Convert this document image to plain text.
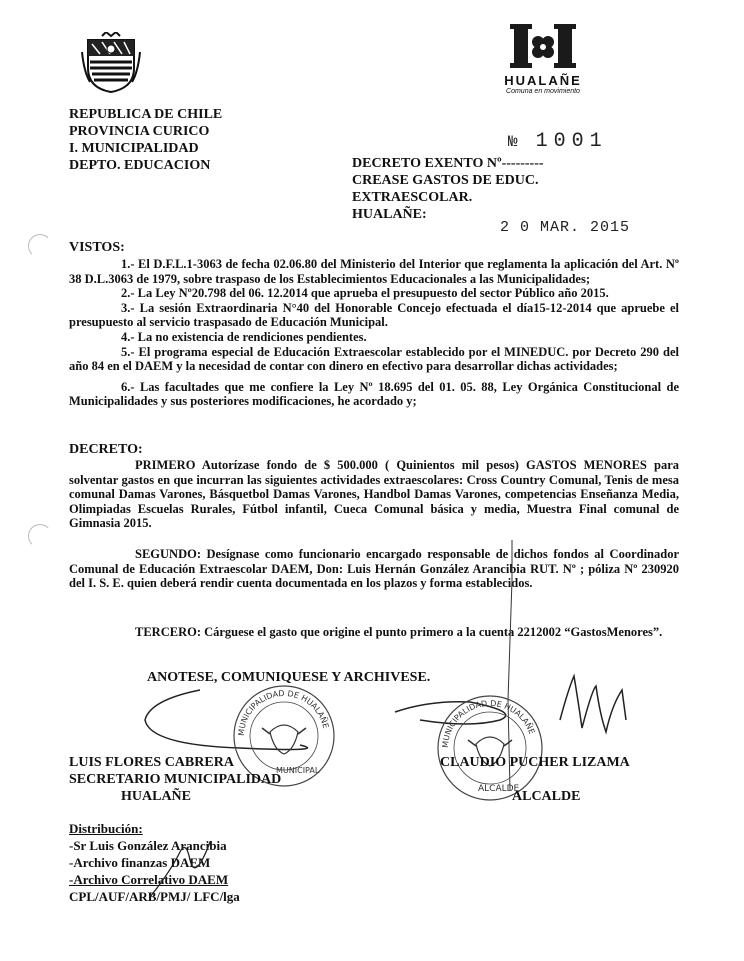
HUALAÑE
Comuna en movimiento
REPUBLICA DE CHILE
PROVINCIA CURICO
I. MUNICIPALIDAD
DEPTO. EDUCACION
№ 1001
DECRETO EXENTO Nº---------
CREASE GASTOS DE EDUC.
EXTRAESCOLAR.
HUALAÑE:
2 0 MAR. 2015
VISTOS:
1.- El D.F.L.1-3063 de fecha 02.06.80 del Ministerio del Interior que reglamenta la aplicación del Art. Nº 38 D.L.3063 de 1979, sobre traspaso de los Establecimientos Educacionales a las Municipalidades;
2.- La Ley Nº20.798 del 06. 12.2014 que aprueba el presupuesto del sector Público año 2015.
3.- La sesión Extraordinaria N°40 del Honorable Concejo efectuada el día15-12-2014 que apruebe el presupuesto al servicio traspasado de Educación Municipal.
4.- La no existencia de rendiciones pendientes.
5.- El programa especial de Educación Extraescolar establecido por el MINEDUC. por Decreto 290 del año 84 en el DAEM y la necesidad de contar con dinero en efectivo para desarrollar dichas actividades;
6.- Las facultades que me confiere la Ley Nº 18.695 del 01. 05. 88, Ley Orgánica Constitucional de Municipalidades y sus posteriores modificaciones, he acordado y;
DECRETO:
PRIMERO Autorízase fondo de $ 500.000 ( Quinientos mil pesos) GASTOS MENORES para solventar gastos en que incurran las siguientes actividades extraescolares: Cross Country Comunal, Tenis de mesa comunal Damas Varones, Básquetbol Damas Varones, Handbol Damas Varones, competencias Enseñanza Media, Olimpiadas Escuelas Rurales, Fútbol infantil, Cueca Comunal básica y media, Muestra Final comunal de Gimnasia 2015.
SEGUNDO: Desígnase como funcionario encargado responsable de dichos fondos al Coordinador Comunal de Educación Extraescolar DAEM, Don: Luis Hernán González Arancibia RUT. Nº ; póliza Nº 230920 del I. S. E. quien deberá rendir cuenta documentada en los plazos y forma establecidos.
TERCERO: Cárguese el gasto que origine el punto primero a la cuenta 2212002 “GastosMenores”.
ANOTESE, COMUNIQUESE Y ARCHIVESE.
MUNICIPALIDAD DE HUALAÑE
MUNICIPAL
MUNICIPALIDAD DE HUALAÑE
ALCALDE
LUIS FLORES CABRERA
SECRETARIO MUNICIPALIDAD
HUALAÑE
CLAUDIO PUCHER LIZAMA
ALCALDE
Distribución:
-Sr Luis González Arancibia
-Archivo finanzas DAEM
-Archivo Correlativo DAEM
CPL/AUF/ARB/PMJ/ LFC/lga
